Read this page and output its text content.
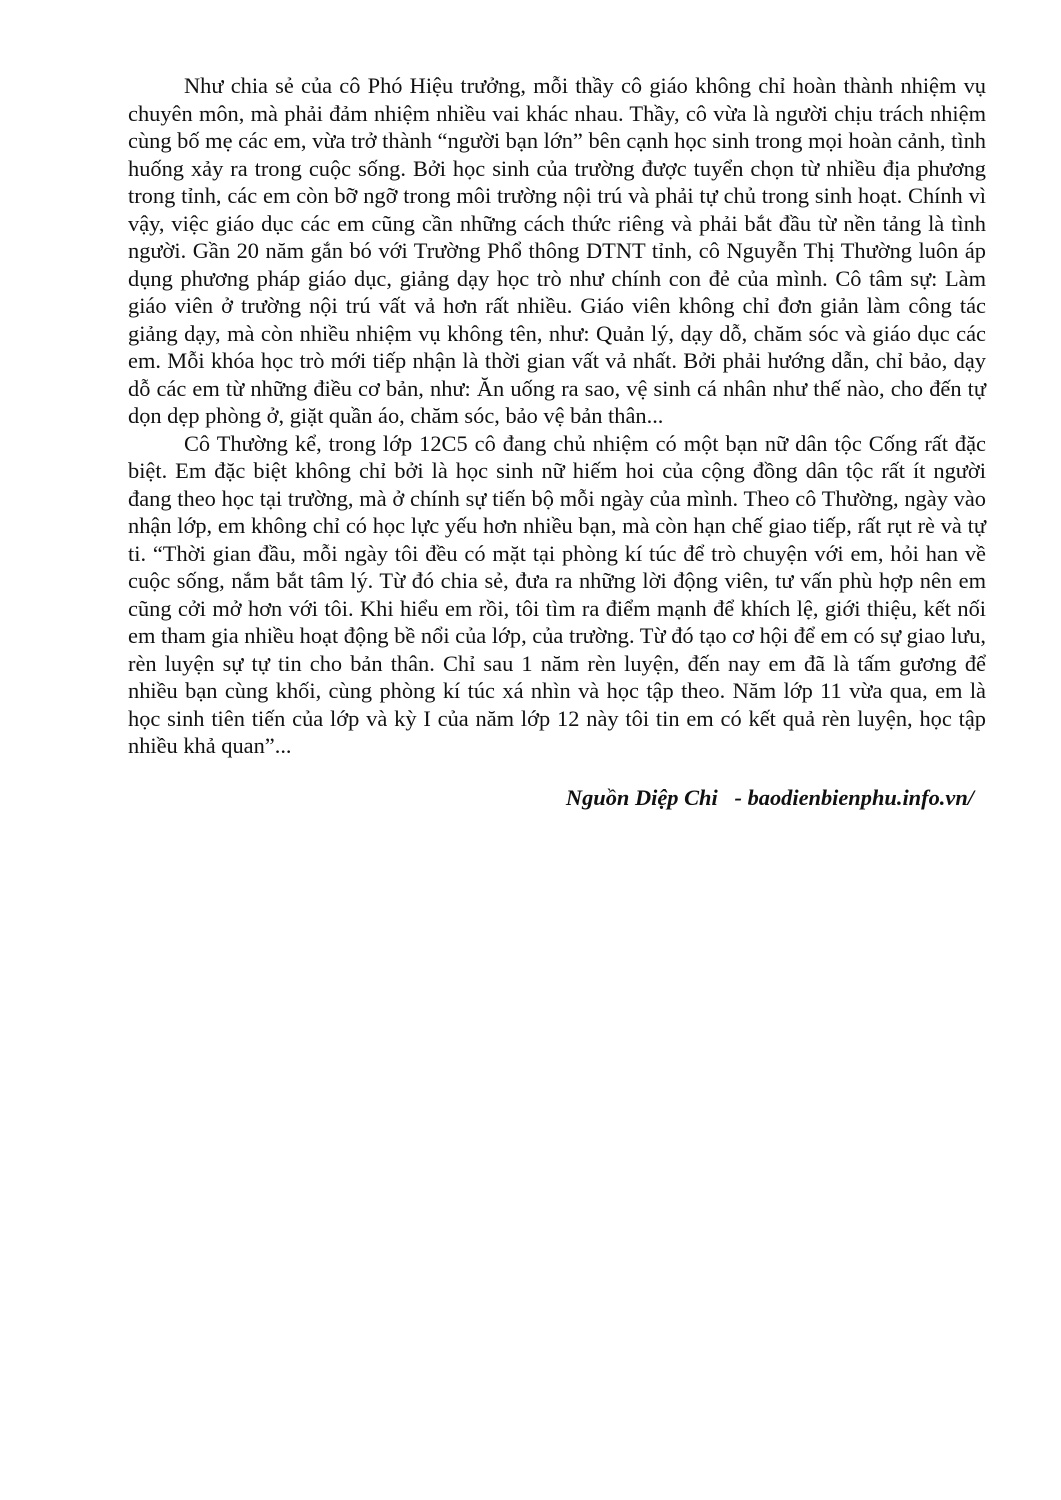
Như chia sẻ của cô Phó Hiệu trưởng, mỗi thầy cô giáo không chỉ hoàn thành nhiệm vụ chuyên môn, mà phải đảm nhiệm nhiều vai khác nhau. Thầy, cô vừa là người chịu trách nhiệm cùng bố mẹ các em, vừa trở thành “người bạn lớn” bên cạnh học sinh trong mọi hoàn cảnh, tình huống xảy ra trong cuộc sống. Bởi học sinh của trường được tuyển chọn từ nhiều địa phương trong tỉnh, các em còn bỡ ngỡ trong môi trường nội trú và phải tự chủ trong sinh hoạt. Chính vì vậy, việc giáo dục các em cũng cần những cách thức riêng và phải bắt đầu từ nền tảng là tình người. Gần 20 năm gắn bó với Trường Phổ thông DTNT tỉnh, cô Nguyễn Thị Thường luôn áp dụng phương pháp giáo dục, giảng dạy học trò như chính con đẻ của mình. Cô tâm sự: Làm giáo viên ở trường nội trú vất vả hơn rất nhiều. Giáo viên không chỉ đơn giản làm công tác giảng dạy, mà còn nhiều nhiệm vụ không tên, như: Quản lý, dạy dỗ, chăm sóc và giáo dục các em. Mỗi khóa học trò mới tiếp nhận là thời gian vất vả nhất. Bởi phải hướng dẫn, chỉ bảo, dạy dỗ các em từ những điều cơ bản, như: Ăn uống ra sao, vệ sinh cá nhân như thế nào, cho đến tự dọn dẹp phòng ở, giặt quần áo, chăm sóc, bảo vệ bản thân...

Cô Thường kể, trong lớp 12C5 cô đang chủ nhiệm có một bạn nữ dân tộc Cống rất đặc biệt. Em đặc biệt không chỉ bởi là học sinh nữ hiếm hoi của cộng đồng dân tộc rất ít người đang theo học tại trường, mà ở chính sự tiến bộ mỗi ngày của mình. Theo cô Thường, ngày vào nhận lớp, em không chỉ có học lực yếu hơn nhiều bạn, mà còn hạn chế giao tiếp, rất rụt rè và tự ti. “Thời gian đầu, mỗi ngày tôi đều có mặt tại phòng kí túc để trò chuyện với em, hỏi han về cuộc sống, nắm bắt tâm lý. Từ đó chia sẻ, đưa ra những lời động viên, tư vấn phù hợp nên em cũng cởi mở hơn với tôi. Khi hiểu em rồi, tôi tìm ra điểm mạnh để khích lệ, giới thiệu, kết nối em tham gia nhiều hoạt động bề nổi của lớp, của trường. Từ đó tạo cơ hội để em có sự giao lưu, rèn luyện sự tự tin cho bản thân. Chỉ sau 1 năm rèn luyện, đến nay em đã là tấm gương để nhiều bạn cùng khối, cùng phòng kí túc xá nhìn và học tập theo. Năm lớp 11 vừa qua, em là học sinh tiên tiến của lớp và kỳ I của năm lớp 12 này tôi tin em có kết quả rèn luyện, học tập nhiều khả quan”...

Nguồn Diệp Chi   - baodienbienphu.info.vn/
